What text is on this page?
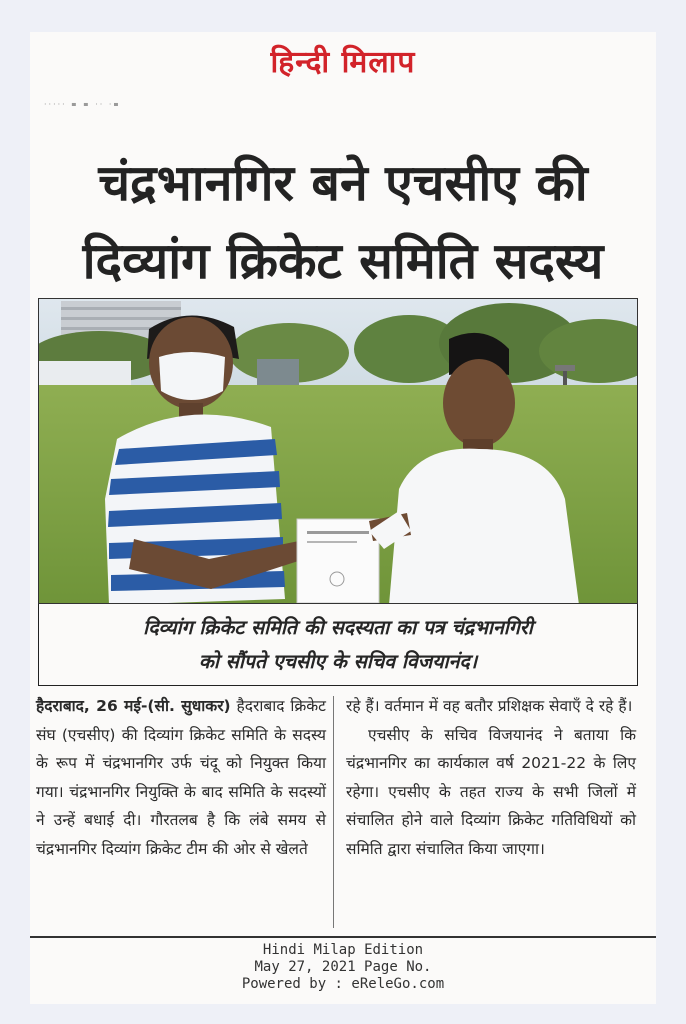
हिन्दी मिलाप
····· ▪ ▪ ·· ·▪
चंद्रभानगिर बने एचसीए की
दिव्यांग क्रिकेट समिति सदस्य
दिव्यांग क्रिकेट समिति की सदस्यता का पत्र चंद्रभानगिरी
को सौंपते एचसीए के सचिव विजयानंद।

हैदराबाद, 26 मई-(सी. सुधाकर) हैदराबाद क्रिकेट संघ (एचसीए) की दिव्यांग क्रिकेट समिति के सदस्य के रूप में चंद्रभानगिर उर्फ चंदू को नियुक्त किया गया। चंद्रभानगिर नियुक्ति के बाद समिति के सदस्यों ने उन्हें बधाई दी। गौरतलब है कि लंबे समय से चंद्रभानगिर दिव्यांग क्रिकेट टीम की ओर से खेलते

रहे हैं। वर्तमान में वह बतौर प्रशिक्षक सेवाएँ दे रहे हैं।

एचसीए के सचिव विजयानंद ने बताया कि चंद्रभानगिर का कार्यकाल वर्ष 2021-22 के लिए रहेगा। एचसीए के तहत राज्य के सभी जिलों में संचालित होने वाले दिव्यांग क्रिकेट गतिविधियों को समिति द्वारा संचालित किया जाएगा।

Hindi Milap Edition
May 27, 2021 Page No.
Powered by : eReleGo.com
